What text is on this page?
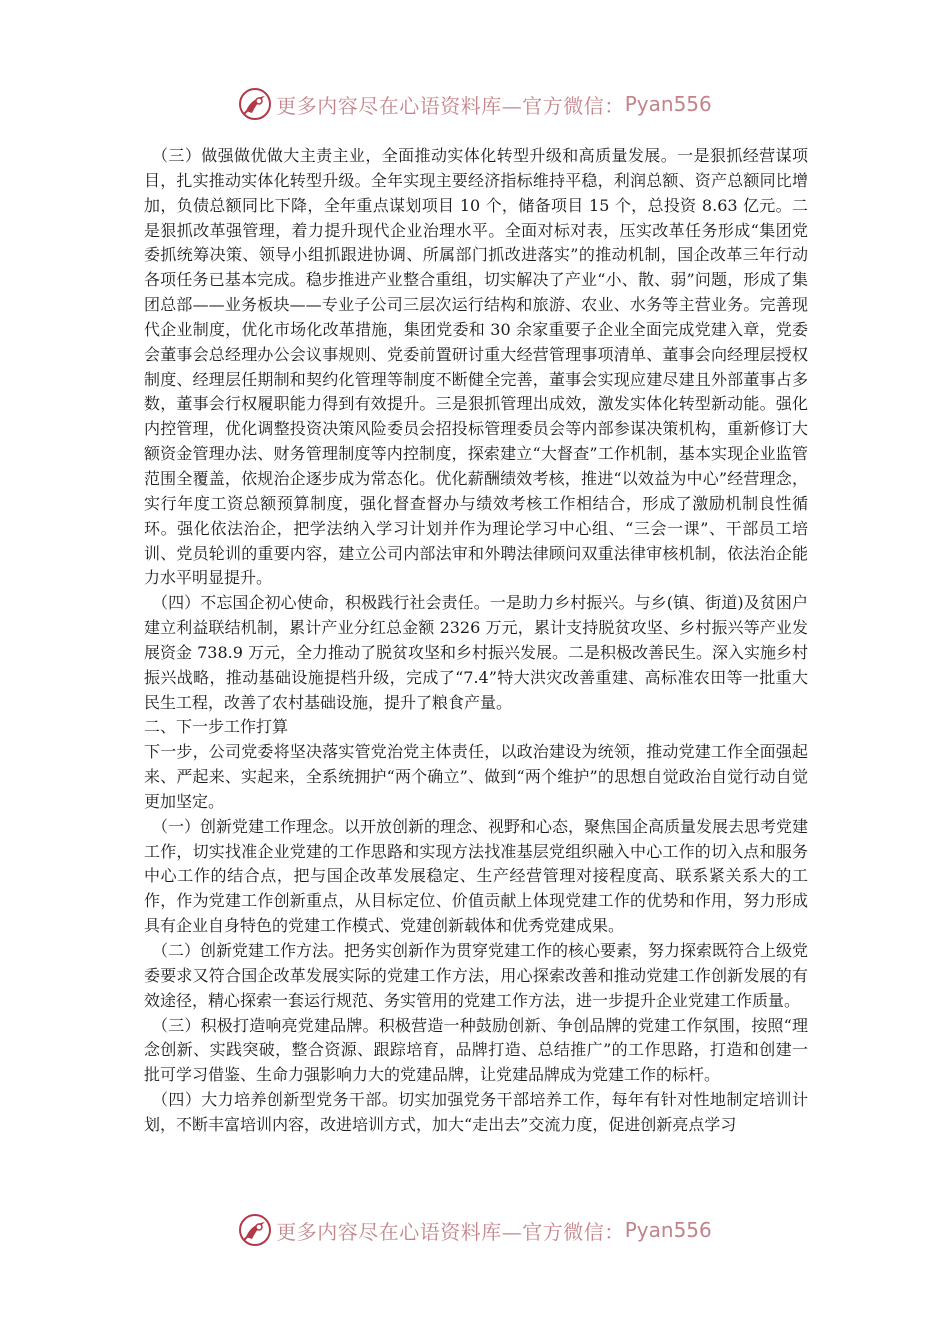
更多内容尽在心语资料库—官方微信： Pyan556

（三）做强做优做大主责主业，全面推动实体化转型升级和高质量发展。一是狠抓经营谋项目，扎实推动实体化转型升级。全年实现主要经济指标维持平稳，利润总额、资产总额同比增加，负债总额同比下降，全年重点谋划项目 10 个，储备项目 15 个，总投资 8.63 亿元。二是狠抓改革强管理，着力提升现代企业治理水平。全面对标对表，压实改革任务形成“集团党委抓统筹决策、领导小组抓跟进协调、所属部门抓改进落实”的推动机制，国企改革三年行动各项任务已基本完成。稳步推进产业整合重组，切实解决了产业“小、散、弱”问题，形成了集团总部——业务板块——专业子公司三层次运行结构和旅游、农业、水务等主营业务。完善现代企业制度，优化市场化改革措施，集团党委和 30 余家重要子企业全面完成党建入章，党委会董事会总经理办公会议事规则、党委前置研讨重大经营管理事项清单、董事会向经理层授权制度、经理层任期制和契约化管理等制度不断健全完善，董事会实现应建尽建且外部董事占多数，董事会行权履职能力得到有效提升。三是狠抓管理出成效，激发实体化转型新动能。强化内控管理，优化调整投资决策风险委员会招投标管理委员会等内部参谋决策机构，重新修订大额资金管理办法、财务管理制度等内控制度，探索建立“大督查”工作机制，基本实现企业监管范围全覆盖，依规治企逐步成为常态化。优化薪酬绩效考核，推进“以效益为中心”经营理念，实行年度工资总额预算制度，强化督查督办与绩效考核工作相结合，形成了激励机制良性循环。强化依法治企，把学法纳入学习计划并作为理论学习中心组、“三会一课”、干部员工培训、党员轮训的重要内容，建立公司内部法审和外聘法律顾问双重法律审核机制，依法治企能力水平明显提升。

（四）不忘国企初心使命，积极践行社会责任。一是助力乡村振兴。与乡(镇、街道)及贫困户建立利益联结机制，累计产业分红总金额 2326 万元，累计支持脱贫攻坚、乡村振兴等产业发展资金 738.9 万元，全力推动了脱贫攻坚和乡村振兴发展。二是积极改善民生。深入实施乡村振兴战略，推动基础设施提档升级，完成了“7.4”特大洪灾改善重建、高标准农田等一批重大民生工程，改善了农村基础设施，提升了粮食产量。

二、下一步工作打算

下一步，公司党委将坚决落实管党治党主体责任，以政治建设为统领，推动党建工作全面强起来、严起来、实起来，全系统拥护“两个确立”、做到“两个维护”的思想自觉政治自觉行动自觉更加坚定。

（一）创新党建工作理念。以开放创新的理念、视野和心态，聚焦国企高质量发展去思考党建工作，切实找准企业党建的工作思路和实现方法找准基层党组织融入中心工作的切入点和服务中心工作的结合点，把与国企改革发展稳定、生产经营管理对接程度高、联系紧关系大的工作，作为党建工作创新重点，从目标定位、价值贡献上体现党建工作的优势和作用，努力形成具有企业自身特色的党建工作模式、党建创新载体和优秀党建成果。

（二）创新党建工作方法。把务实创新作为贯穿党建工作的核心要素，努力探索既符合上级党委要求又符合国企改革发展实际的党建工作方法，用心探索改善和推动党建工作创新发展的有效途径，精心探索一套运行规范、务实管用的党建工作方法，进一步提升企业党建工作质量。

（三）积极打造响亮党建品牌。积极营造一种鼓励创新、争创品牌的党建工作氛围，按照“理念创新、实践突破，整合资源、跟踪培育，品牌打造、总结推广”的工作思路，打造和创建一批可学习借鉴、生命力强影响力大的党建品牌，让党建品牌成为党建工作的标杆。

（四）大力培养创新型党务干部。切实加强党务干部培养工作，每年有针对性地制定培训计划，不断丰富培训内容，改进培训方式，加大“走出去”交流力度，促进创新亮点学习

更多内容尽在心语资料库—官方微信： Pyan556
